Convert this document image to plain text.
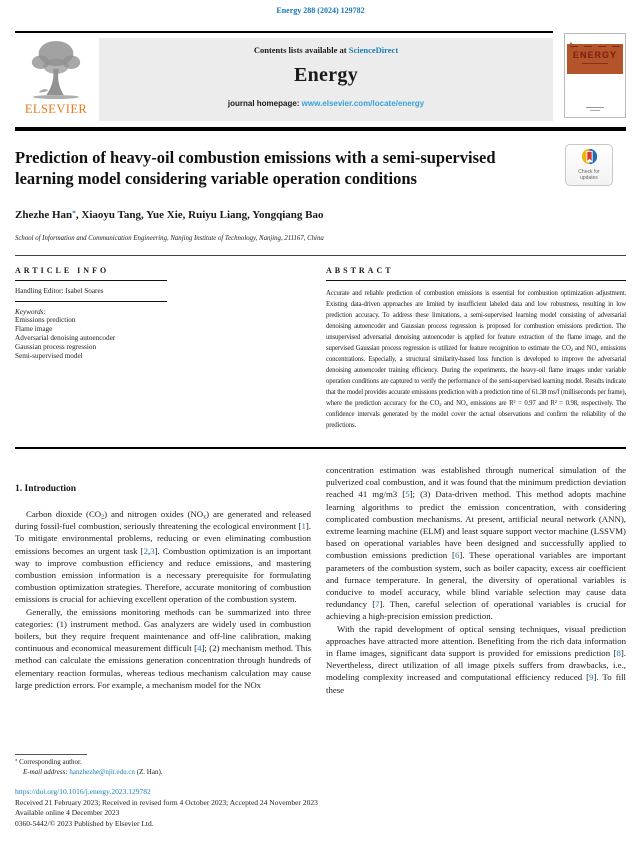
Energy 288 (2024) 129782
ELSEVIER
Contents lists available at ScienceDirect
Energy
journal homepage: www.elsevier.com/locate/energy
ENERGY
Prediction of heavy-oil combustion emissions with a semi-supervised learning model considering variable operation conditions	Check for
updates
Zhezhe Han*, Xiaoyu Tang, Yue Xie, Ruiyu Liang, Yongqiang Bao
School of Information and Communication Engineering, Nanjing Institute of Technology, Nanjing, 211167, China
ARTICLE INFO
Handling Editor: Isabel Soares
Keywords:
Emissions prediction
Flame image
Adversarial denoising autoencoder
Gaussian process regression
Semi-supervised model
ABSTRACT
Accurate and reliable prediction of combustion emissions is essential for combustion optimization adjustment. Existing data-driven approaches are limited by insufficient labeled data and low robustness, resulting in low prediction accuracy. To address these limitations, a semi-supervised learning model consisting of adversarial denoising autoencoder and Gaussian process regression is proposed for combustion emissions prediction. The unsupervised adversarial denoising autoencoder is applied for feature extraction of the flame image, and the supervised Gaussian process regression is utilized for feature recognition to estimate the $CO_2$ and $NO_x$ emissions concentrations. Especially, a structural similarity-based loss function is developed to improve the adversarial denoising autoencoder training efficiency. During the experiments, the heavy-oil flame images under variable operation conditions are captured to verify the performance of the semi-supervised learning model. Results indicate that the model provides accurate emissions prediction with a prediction time of 61.38 ms/f (milliseconds per frame), where the prediction accuracy for the $CO_2$ and $NO_x$ emissions are R² = 0.97 and R² = 0.98, respectively. The confidence intervals generated by the model cover the actual observations and confirm the reliability of the predictions.
1. Introduction

Carbon dioxide $(CO_2)$ and nitrogen oxides $(NO_x)$ are generated and released during fossil-fuel combustion, seriously threatening the ecological environment [1]. To mitigate environmental problems, reducing or even eliminating combustion emissions becomes an urgent task [2,3]. Combustion optimization is an important way to improve combustion efficiency and reduce emissions, and mastering combustion emission information is a necessary prerequisite for formulating combustion optimization strategies. Therefore, accurate monitoring of combustion emissions is crucial for achieving excellent operation of the combustion system.

Generally, the emissions monitoring methods can be summarized into three categories: (1) instrument method. Gas analyzers are widely used in combustion boilers, but they require frequent maintenance and off-line calibration, making continuous and economical measurement difficult [4]; (2) mechanism method. This method can calculate the emissions generation concentration through hundreds of elementary reaction formulas, whereas tedious mechanism calculation may cause large prediction errors. For example, a mechanism model for the NOx

concentration estimation was established through numerical simulation of the pulverized coal combustion, and it was found that the minimum prediction deviation reached 41 mg/m3 [5]; (3) Data-driven method. This method adopts machine learning algorithms to predict the emission concentration, with considering complicated combustion mechanisms. At present, artificial neural network (ANN), extreme learning machine (ELM) and least square support vector machine (LSSVM) based on operational variables have been designed and successfully applied to combustion emissions prediction [6]. These operational variables are important parameters of the combustion system, such as boiler capacity, excess air coefficient and furnace temperature. In general, the diversity of operational variables is conducive to model accuracy, while blind variable selection may cause data redundancy [7]. Then, careful selection of operational variables is crucial for achieving a high-precision emission prediction.

With the rapid development of optical sensing techniques, visual prediction approaches have attracted more attention. Benefiting from the rich data information in flame images, significant data support is provided for emissions prediction [8]. Nevertheless, direct utilization of all image pixels suffers from drawbacks, i.e., modeling complexity increased and computational efficiency reduced [9]. To fill these

* Corresponding author.
E-mail address: hanzhezhe@njit.edu.cn (Z. Han).
https://doi.org/10.1016/j.energy.2023.129782
Received 21 February 2023; Received in revised form 4 October 2023; Accepted 24 November 2023
Available online 4 December 2023
0360-5442/© 2023 Published by Elsevier Ltd.
